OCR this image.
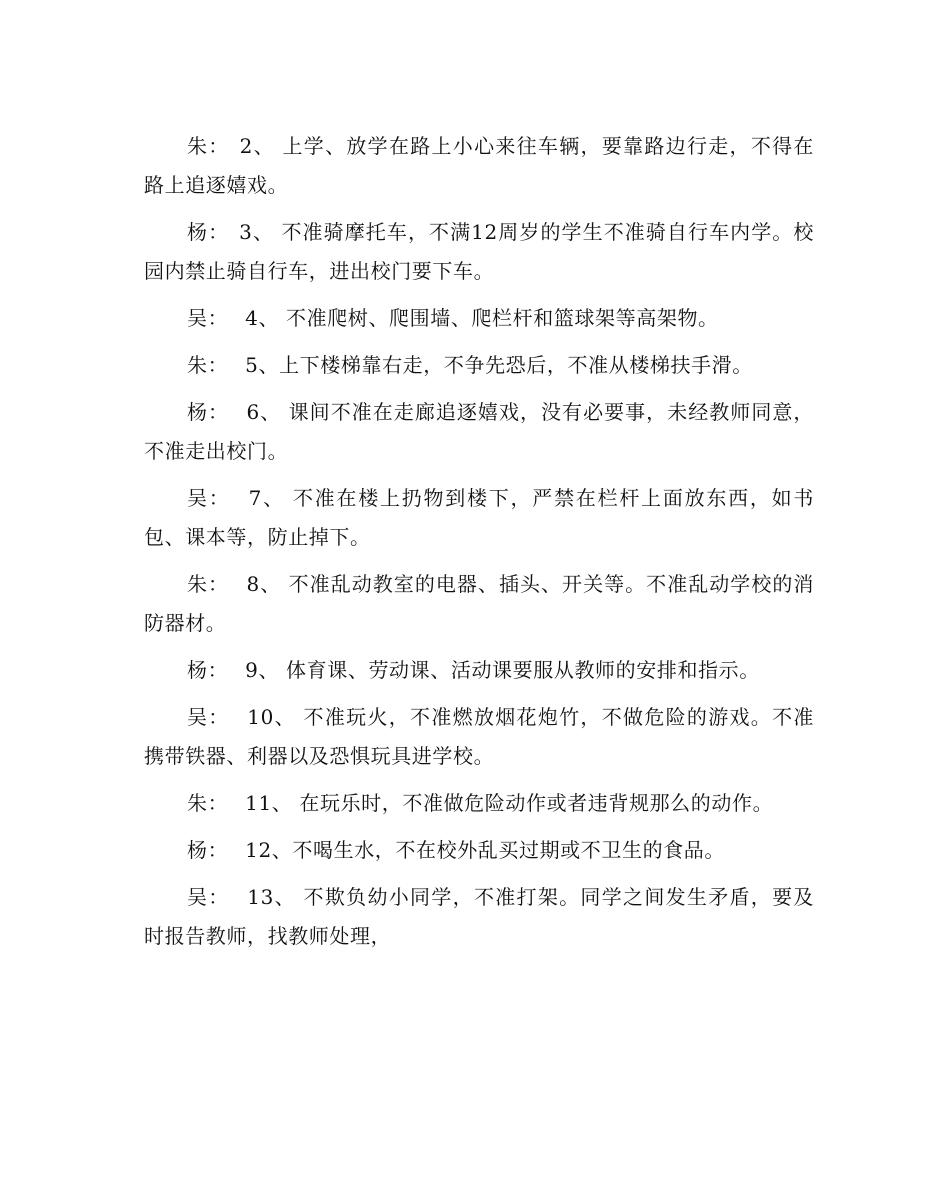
朱： 2、 上学、放学在路上小心来往车辆，要靠路边行走，不得在路上追逐嬉戏。

杨： 3、 不准骑摩托车，不满12周岁的学生不准骑自行车内学。校园内禁止骑自行车，进出校门要下车。

吴： 4、 不准爬树、爬围墙、爬栏杆和篮球架等高架物。

朱： 5、上下楼梯靠右走，不争先恐后，不准从楼梯扶手滑。

杨： 6、 课间不准在走廊追逐嬉戏，没有必要事，未经教师同意，不准走出校门。

吴： 7、 不准在楼上扔物到楼下，严禁在栏杆上面放东西，如书包、课本等，防止掉下。

朱： 8、 不准乱动教室的电器、插头、开关等。不准乱动学校的消防器材。

杨： 9、 体育课、劳动课、活动课要服从教师的安排和指示。

吴： 10、 不准玩火，不准燃放烟花炮竹，不做危险的游戏。不准携带铁器、利器以及恐惧玩具进学校。

朱： 11、 在玩乐时，不准做危险动作或者违背规那么的动作。

杨： 12、不喝生水，不在校外乱买过期或不卫生的食品。

吴： 13、 不欺负幼小同学，不准打架。同学之间发生矛盾，要及时报告教师，找教师处理，
